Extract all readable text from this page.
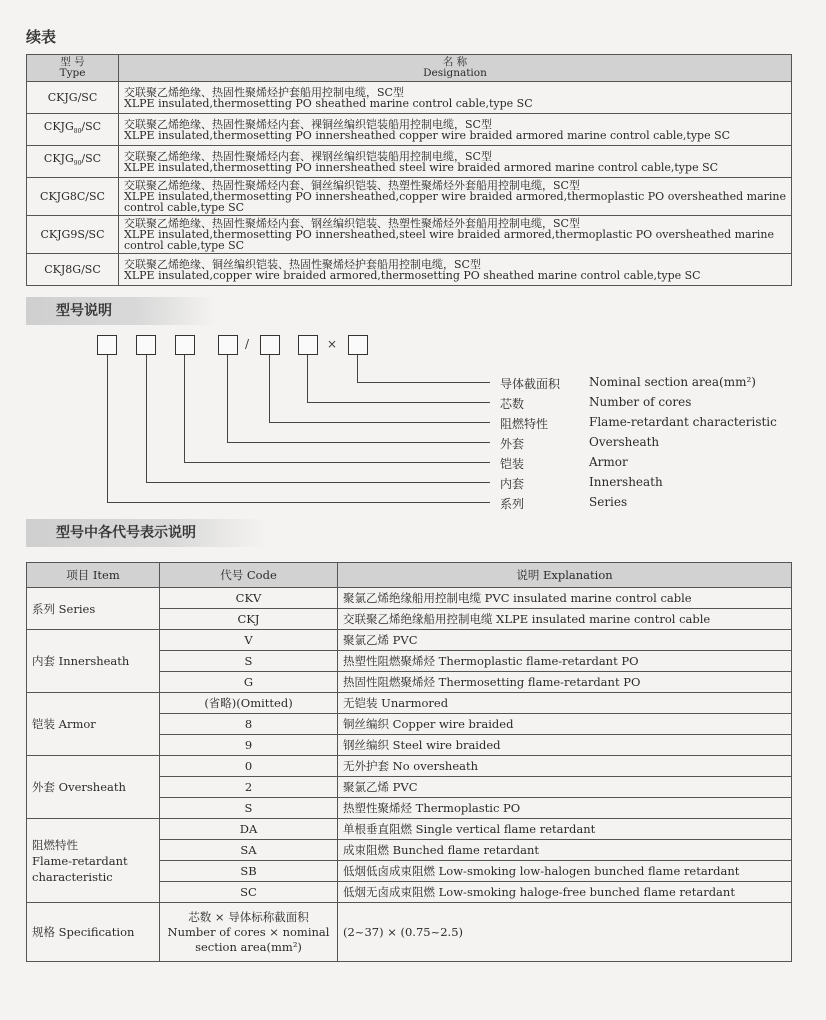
续表
型 号
Type	名 称
Designation
CKJG/SC	交联聚乙烯绝缘、热固性聚烯烃护套船用控制电缆，SC型
XLPE insulated,thermosetting PO sheathed marine control cable,type SC
$CKJG_{80}/SC$	交联聚乙烯绝缘、热固性聚烯烃内套、裸铜丝编织铠装船用控制电缆，SC型
XLPE insulated,thermosetting PO innersheathed copper wire braided armored marine control cable,type SC
$CKJG_{90}/SC$	交联聚乙烯绝缘、热固性聚烯烃内套、裸钢丝编织铠装船用控制电缆，SC型
XLPE insulated,thermosetting PO innersheathed steel wire braided armored marine control cable,type SC
CKJG8C/SC	交联聚乙烯绝缘、热固性聚烯烃内套、铜丝编织铠装、热塑性聚烯烃外套船用控制电缆，SC型
XLPE insulated,thermosetting PO innersheathed,copper wire braided armored,thermoplastic PO oversheathed marine control cable,type SC
CKJG9S/SC	交联聚乙烯绝缘、热固性聚烯烃内套、钢丝编织铠装、热塑性聚烯烃外套船用控制电缆，SC型
XLPE insulated,thermosetting PO innersheathed,steel wire braided armored,thermoplastic PO oversheathed marine control cable,type SC
CKJ8G/SC	交联聚乙烯绝缘、铜丝编织铠装、热固性聚烯烃护套船用控制电缆，SC型
XLPE insulated,copper wire braided armored,thermosetting PO sheathed marine control cable,type SC
型号说明
/	×
导体截面积 Nominal section area(mm²)
芯数	Number of cores
阻燃特性	Flame-retardant characteristic
外套	Oversheath
铠装	Armor
内套	Innersheath
系列	Series
型号中各代号表示说明
项目 Item	代号 Code	说明 Explanation
系列 Series	CKV	聚氯乙烯绝缘船用控制电缆 PVC insulated marine control cable
	CKJ	交联聚乙烯绝缘船用控制电缆 XLPE insulated marine control cable
内套 Innersheath	V	聚氯乙烯 PVC
	S	热塑性阻燃聚烯烃 Thermoplastic flame-retardant PO
	G	热固性阻燃聚烯烃 Thermosetting flame-retardant PO
铠装 Armor	(省略)(Omitted)	无铠装 Unarmored
	8	铜丝编织 Copper wire braided
	9	钢丝编织 Steel wire braided
外套 Oversheath	0	无外护套 No oversheath
	2	聚氯乙烯 PVC
	S	热塑性聚烯烃 Thermoplastic PO
阻燃特性
Flame-retardant
characteristic	DA	单根垂直阻燃 Single vertical flame retardant
	SA	成束阻燃 Bunched flame retardant
	SB	低烟低卤成束阻燃 Low-smoking low-halogen bunched flame retardant
	SC	低烟无卤成束阻燃 Low-smoking haloge-free bunched flame retardant
规格 Specification	芯数 × 导体标称截面积
Number of cores × nominal
section area(mm²)	(2~37) × (0.75~2.5)
